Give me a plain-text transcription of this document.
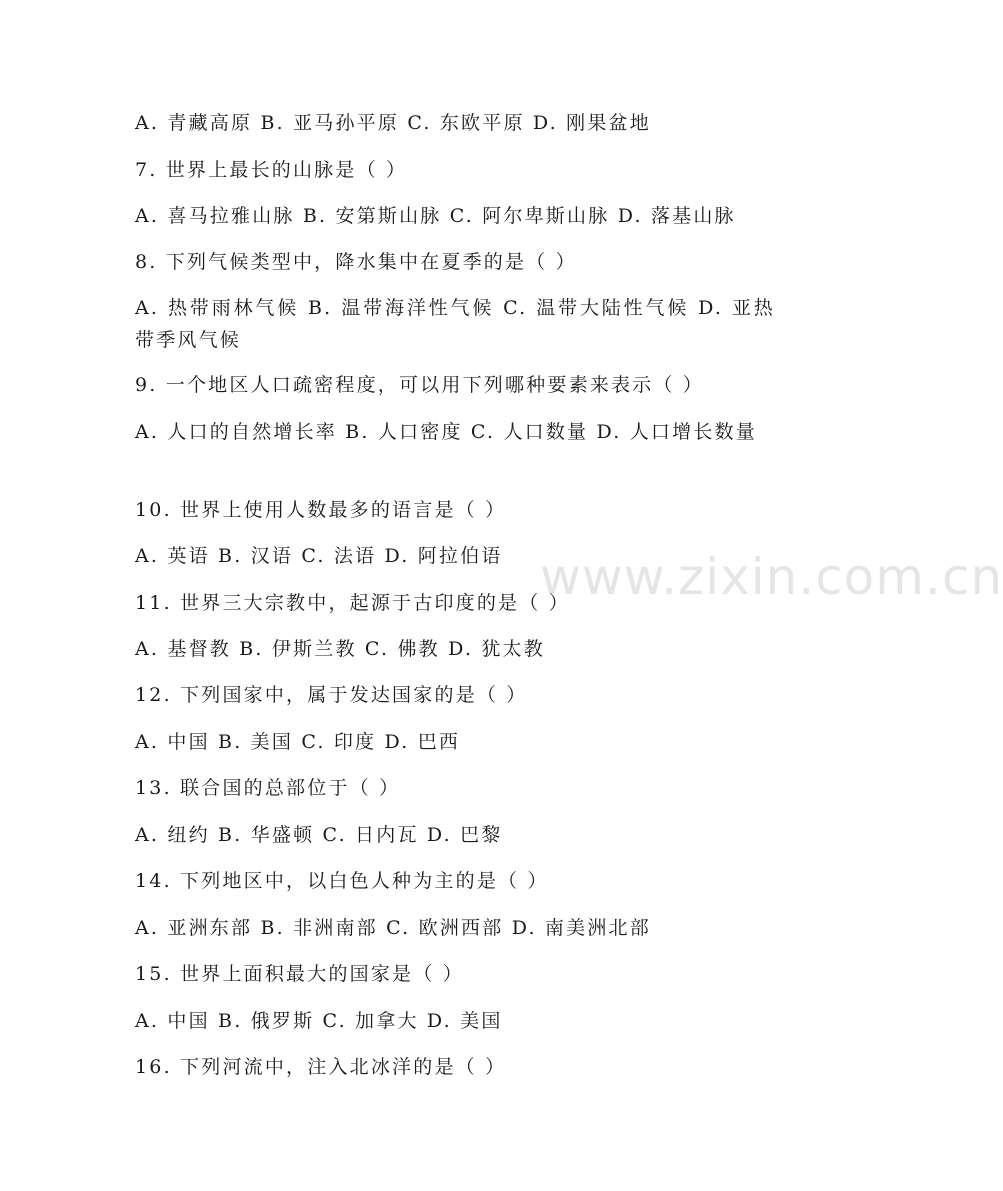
A. 青藏高原 B. 亚马孙平原 C. 东欧平原 D. 刚果盆地
7. 世界上最长的山脉是（ ）
A. 喜马拉雅山脉 B. 安第斯山脉 C. 阿尔卑斯山脉 D. 落基山脉
8. 下列气候类型中，降水集中在夏季的是（ ）
A. 热带雨林气候 B. 温带海洋性气候 C. 温带大陆性气候 D. 亚热带季风气候
9. 一个地区人口疏密程度，可以用下列哪种要素来表示（ ）
A. 人口的自然增长率 B. 人口密度 C. 人口数量 D. 人口增长数量
10. 世界上使用人数最多的语言是（ ）
A. 英语 B. 汉语 C. 法语 D. 阿拉伯语
11. 世界三大宗教中，起源于古印度的是（ ）
A. 基督教 B. 伊斯兰教 C. 佛教 D. 犹太教
12. 下列国家中，属于发达国家的是（ ）
A. 中国 B. 美国 C. 印度 D. 巴西
13. 联合国的总部位于（ ）
A. 纽约 B. 华盛顿 C. 日内瓦 D. 巴黎
14. 下列地区中，以白色人种为主的是（ ）
A. 亚洲东部 B. 非洲南部 C. 欧洲西部 D. 南美洲北部
15. 世界上面积最大的国家是（ ）
A. 中国 B. 俄罗斯 C. 加拿大 D. 美国
16. 下列河流中，注入北冰洋的是（ ）
www.zixin.com.cn
